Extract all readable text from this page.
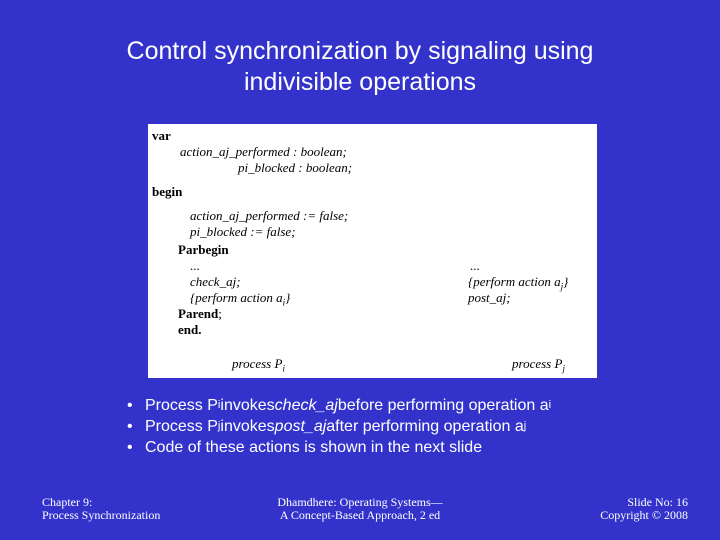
Control synchronization by signaling using
indivisible operations
var
action_aj_performed : boolean;
pi_blocked : boolean;
begin
action_aj_performed := false;
pi_blocked := false;
Parbegin
...	...
check_aj;	{perform action $a_j$}
{perform action $a_i$}	post_aj;
Parend;
end.
process $P_i$	process $P_j$
• Process P i invokes check_aj before performing operation a i
• Process P j invokes post_aj after performing operation a j
• Code of these actions is shown in the next slide
Chapter 9:
Process Synchronization
Dhamdhere: Operating Systems—
A Concept-Based Approach, 2 ed
Slide No: 16
Copyright © 2008
